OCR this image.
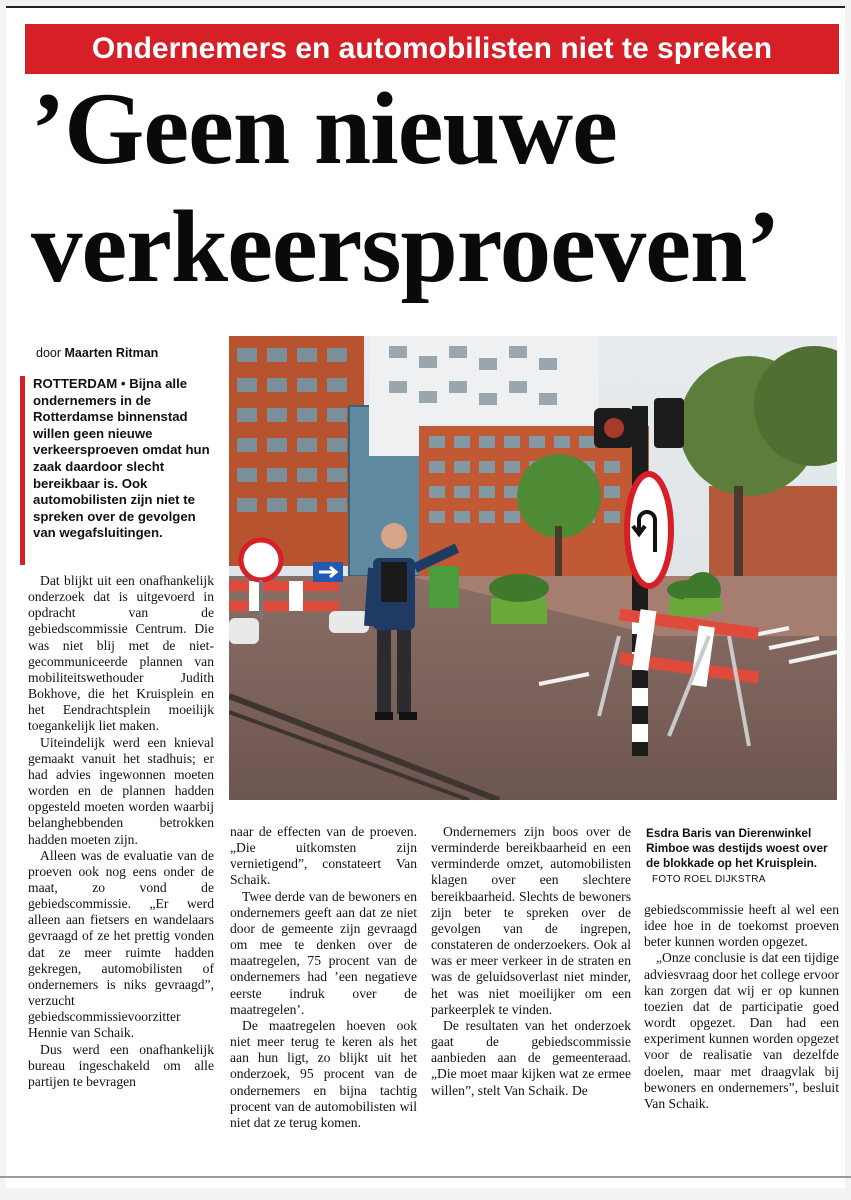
Ondernemers en automobilisten niet te spreken
’Geen nieuwe
verkeersproeven’
door Maarten Ritman

ROTTERDAM • Bijna alle ondernemers in de Rotterdamse binnenstad willen geen nieuwe verkeersproeven omdat hun zaak daardoor slecht bereikbaar is. Ook automobilisten zijn niet te spreken over de gevolgen van wegafsluitingen.

Dat blijkt uit een onafhankelijk onderzoek dat is uitgevoerd in opdracht van de gebiedscommissie Centrum. Die was niet blij met de niet-gecommuniceerde plannen van mobiliteitswethouder Judith Bokhove, die het Kruisplein en het Eendrachtsplein moeilijk toegankelijk liet maken.

Uiteindelijk werd een knieval gemaakt vanuit het stadhuis; er had advies ingewonnen moeten worden en de plannen hadden opgesteld moeten worden waarbij belanghebbenden betrokken hadden moeten zijn.

Alleen was de evaluatie van de proeven ook nog eens onder de maat, zo vond de gebiedscommissie. „Er werd alleen aan fietsers en wandelaars gevraagd of ze het prettig vonden dat ze meer ruimte hadden gekregen, automobilisten of ondernemers is niks gevraagd”, verzucht gebiedscommissievoorzitter Hennie van Schaik.

Dus werd een onafhankelijk bureau ingeschakeld om alle partijen te bevragen

naar de effecten van de proeven. „Die uitkomsten zijn vernietigend”, constateert Van Schaik.

Twee derde van de bewoners en ondernemers geeft aan dat ze niet door de gemeente zijn gevraagd om mee te denken over de maatregelen, 75 procent van de ondernemers had ’een negatieve eerste indruk over de maatregelen’.

De maatregelen hoeven ook niet meer terug te keren als het aan hun ligt, zo blijkt uit het onderzoek, 95 procent van de ondernemers en bijna tachtig procent van de automobilisten wil niet dat ze terug komen.

Ondernemers zijn boos over de verminderde bereikbaarheid en een verminderde omzet, automobilisten klagen over een slechtere bereikbaarheid. Slechts de bewoners zijn beter te spreken over de gevolgen van de ingrepen, constateren de onderzoekers. Ook al was er meer verkeer in de straten en was de geluidsoverlast niet minder, het was niet moeilijker om een parkeerplek te vinden.

De resultaten van het onderzoek gaat de gebiedscommissie aanbieden aan de gemeenteraad. „Die moet maar kijken wat ze ermee willen”, stelt Van Schaik. De

Esdra Baris van Dierenwinkel Rimboe was destijds woest over de blokkade op het Kruisplein. FOTO ROEL DIJKSTRA

gebiedscommissie heeft al wel een idee hoe in de toekomst proeven beter kunnen worden opgezet.

„Onze conclusie is dat een tijdige adviesvraag door het college ervoor kan zorgen dat wij er op kunnen toezien dat de participatie goed wordt opgezet. Dan had een experiment kunnen worden opgezet voor de realisatie van dezelfde doelen, maar met draagvlak bij bewoners en ondernemers”, besluit Van Schaik.
